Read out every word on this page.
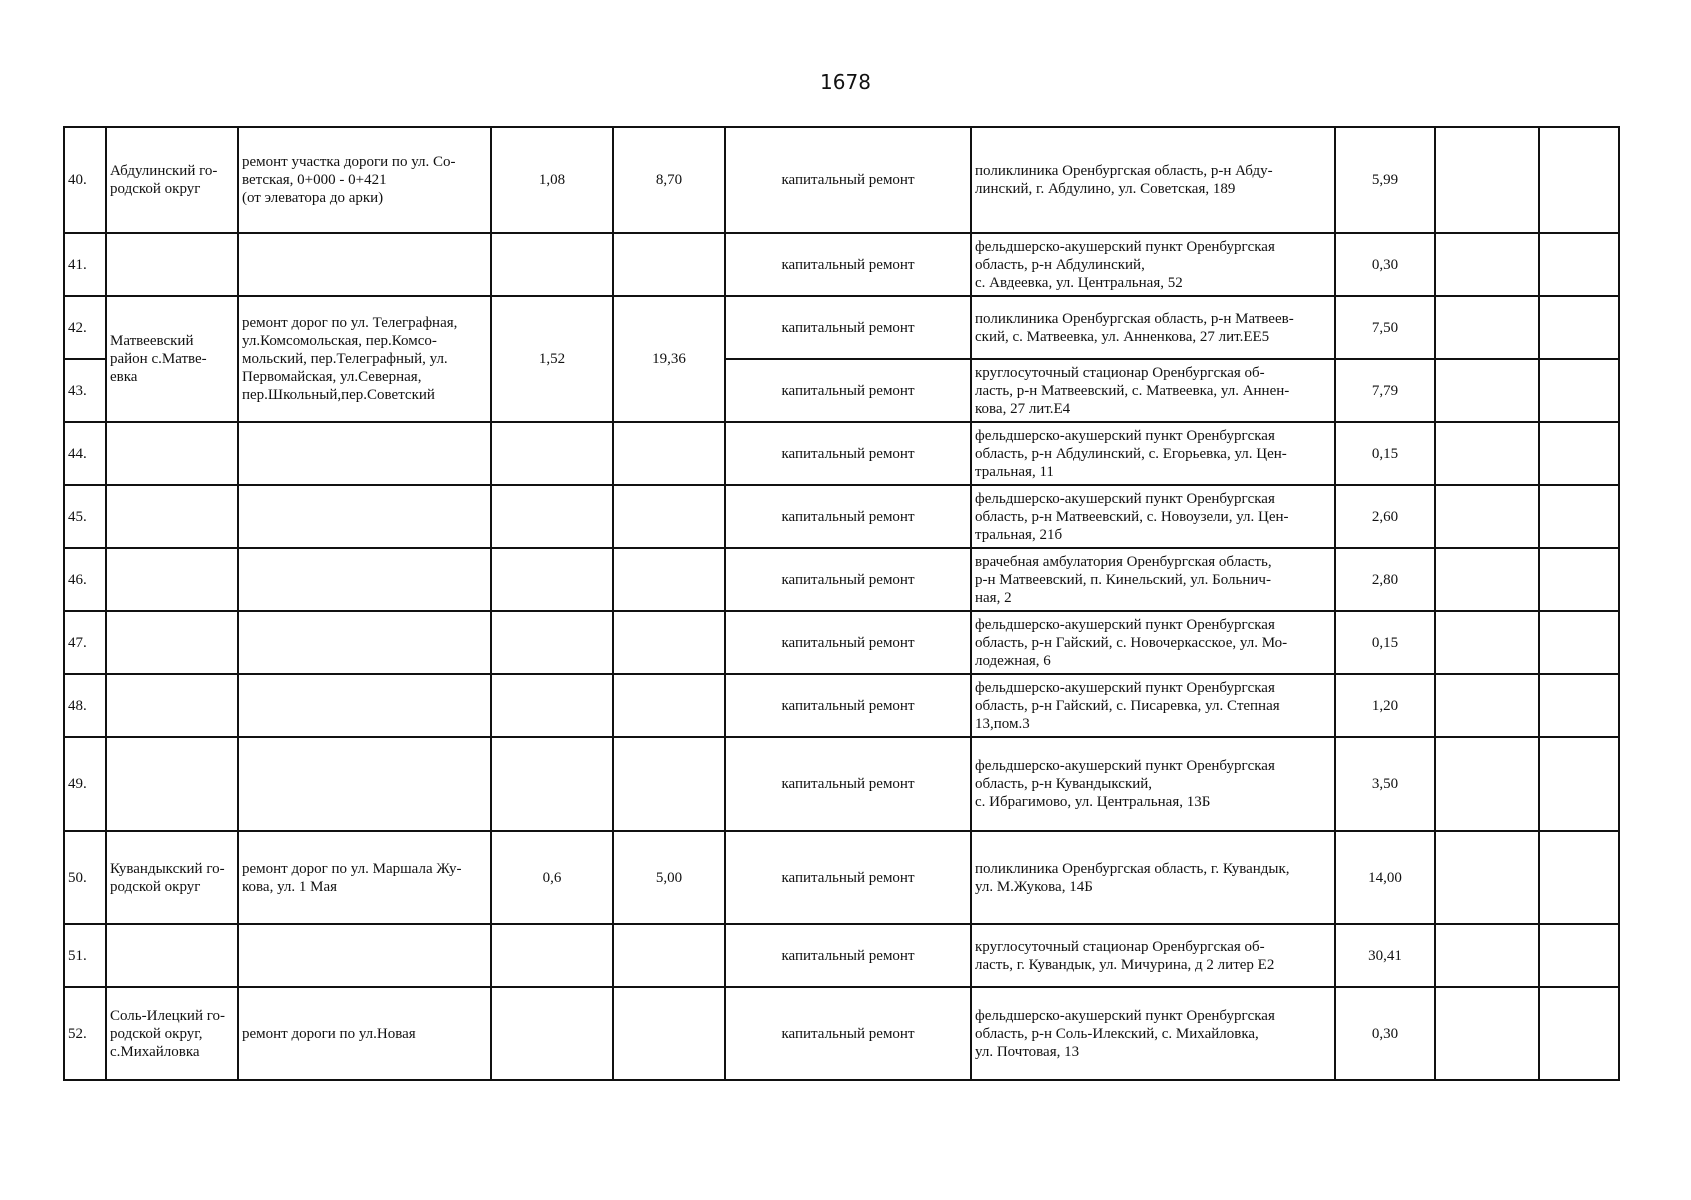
1678
40.	Абдулинский го-
родской округ	ремонт участка дороги по ул. Со-
ветская, 0+000 - 0+421
(от элеватора до арки)	1,08	8,70	капитальный ремонт	поликлиника Оренбургская область, р-н Абду-
линский, г. Абдулино, ул. Советская, 189	5,99		
41.					капитальный ремонт	фельдшерско-акушерский пункт Оренбургская
область, р-н Абдулинский,
с. Авдеевка, ул. Центральная, 52	0,30		
42.	Матвеевский
район с.Матве-
евка	ремонт дорог по ул. Телеграфная,
ул.Комсомольская, пер.Комсо-
мольский, пер.Телеграфный, ул.
Первомайская, ул.Северная,
пер.Школьный,пер.Советский	1,52	19,36	капитальный ремонт	поликлиника Оренбургская область, р-н Матвеев-
ский, с. Матвеевка, ул. Анненкова, 27 лит.ЕЕ5	7,50		
43.					капитальный ремонт	круглосуточный стационар Оренбургская об-
ласть, р-н Матвеевский, с. Матвеевка, ул. Аннен-
кова, 27 лит.Е4	7,79		
44.					капитальный ремонт	фельдшерско-акушерский пункт Оренбургская
область, р-н Абдулинский, с. Егорьевка, ул. Цен-
тральная, 11	0,15		
45.					капитальный ремонт	фельдшерско-акушерский пункт Оренбургская
область, р-н Матвеевский, с. Новоузели, ул. Цен-
тральная, 21б	2,60		
46.					капитальный ремонт	врачебная амбулатория Оренбургская область,
р-н Матвеевский, п. Кинельский, ул. Больнич-
ная, 2	2,80		
47.					капитальный ремонт	фельдшерско-акушерский пункт Оренбургская
область, р-н Гайский, с. Новочеркасское, ул. Мо-
лодежная, 6	0,15		
48.					капитальный ремонт	фельдшерско-акушерский пункт Оренбургская
область, р-н Гайский, с. Писаревка, ул. Степная
13,пом.3	1,20		
49.					капитальный ремонт	фельдшерско-акушерский пункт Оренбургская
область, р-н Кувандыкский,
с. Ибрагимово, ул. Центральная, 13Б	3,50		
50.	Кувандыкский го-
родской округ	ремонт дорог по ул. Маршала Жу-
кова, ул. 1 Мая	0,6	5,00	капитальный ремонт	поликлиника Оренбургская область, г. Кувандык,
ул. М.Жукова, 14Б	14,00		
51.					капитальный ремонт	круглосуточный стационар Оренбургская об-
ласть, г. Кувандык, ул. Мичурина, д 2 литер Е2	30,41		
52.	Соль-Илецкий го-
родской округ,
с.Михайловка	ремонт дороги по ул.Новая			капитальный ремонт	фельдшерско-акушерский пункт Оренбургская
область, р-н Соль-Илекский, с. Михайловка,
ул. Почтовая, 13	0,30		
